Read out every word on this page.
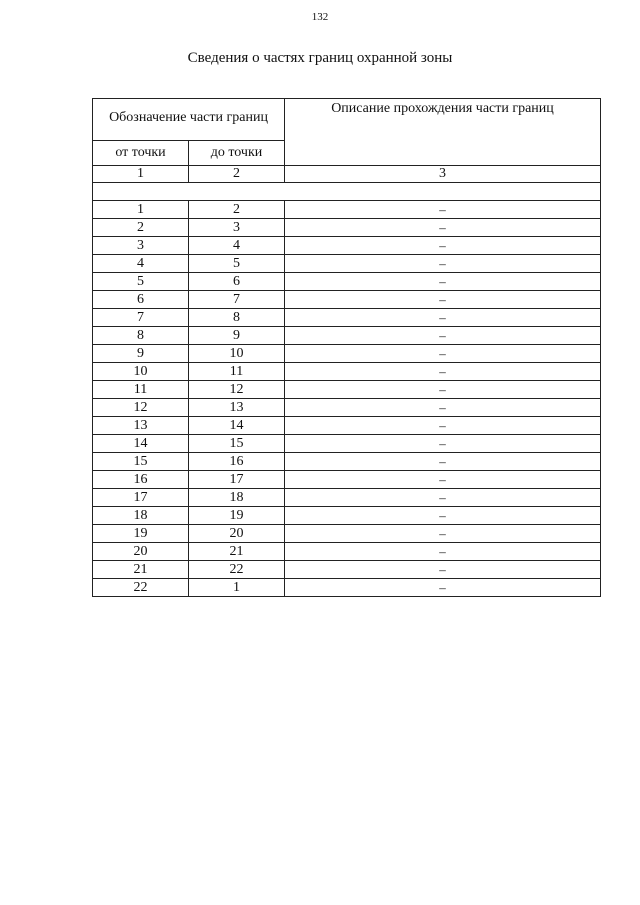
132
Сведения о частях границ охранной зоны
Обозначение части границ		Описание прохождения части границ
от точки	до точки	
1	2	3

1	2	–
2	3	–
3	4	–
4	5	–
5	6	–
6	7	–
7	8	–
8	9	–
9	10	–
10	11	–
11	12	–
12	13	–
13	14	–
14	15	–
15	16	–
16	17	–
17	18	–
18	19	–
19	20	–
20	21	–
21	22	–
22	1	–
